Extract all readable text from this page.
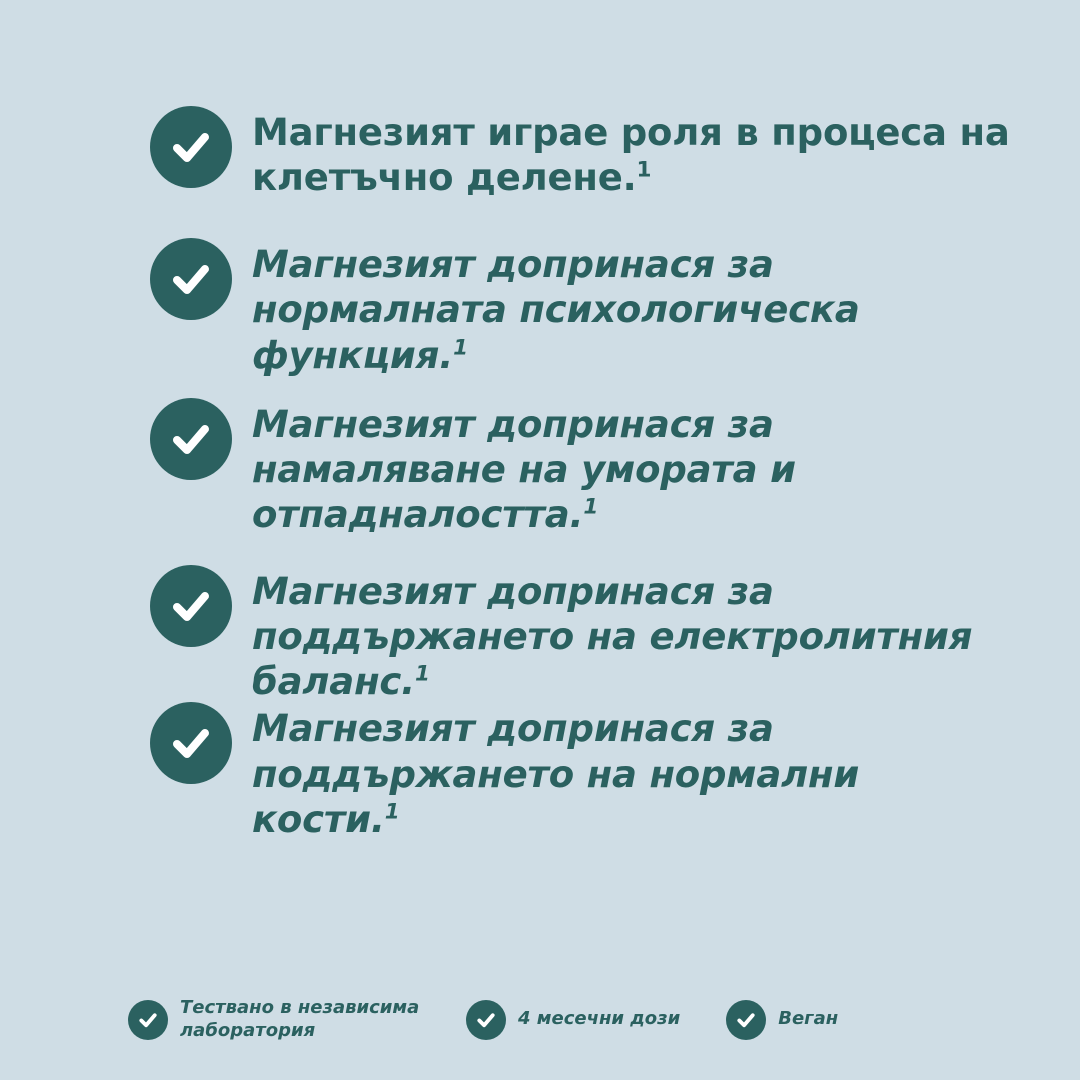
Магнезият играе роля в процеса на клетъчно делене.$^1$
Магнезият допринася за нормалната психологическа функция.$^1$
Магнезият допринася за намаляване на умората и отпадналостта.$^1$
Магнезият допринася за поддържането на електролитния баланс.$^1$
Магнезият допринася за поддържането на нормални кости.$^1$
Тествано в независима лаборатория
4 месечни дози	Веган
